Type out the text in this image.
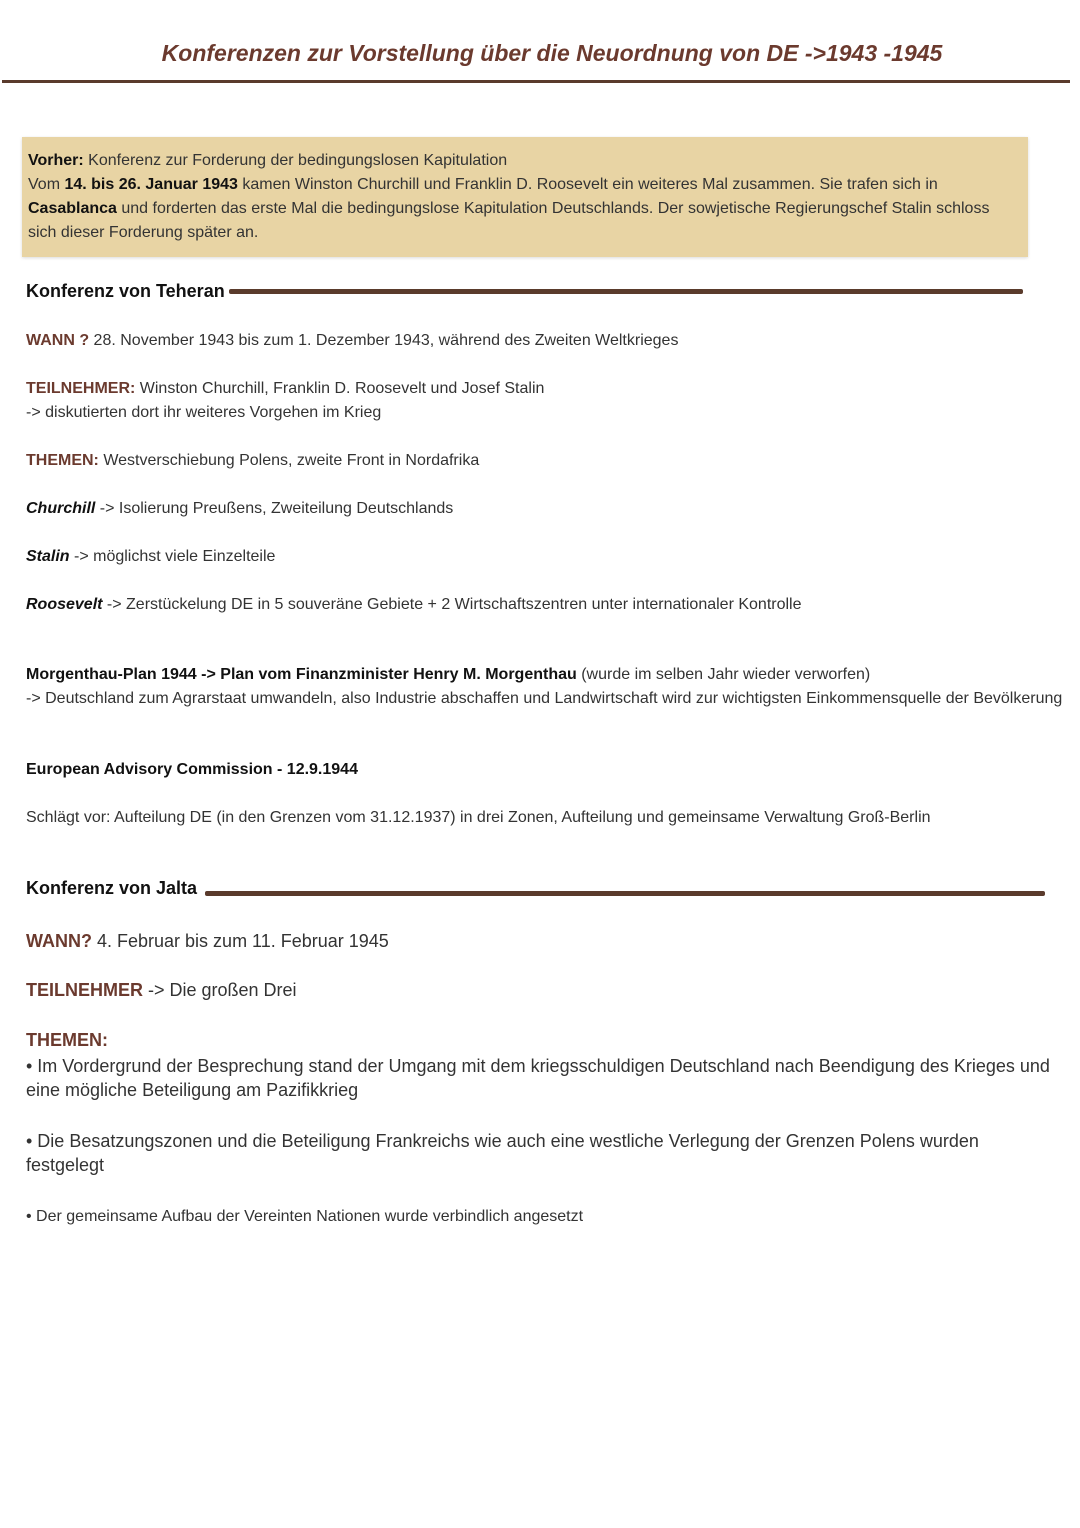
Konferenzen zur Vorstellung über die Neuordnung von DE ->1943 -1945
Vorher: Konferenz zur Forderung der bedingungslosen Kapitulation
Vom 14. bis 26. Januar 1943 kamen Winston Churchill und Franklin D. Roosevelt ein weiteres Mal zusammen. Sie trafen sich in Casablanca und forderten das erste Mal die bedingungslose Kapitulation Deutschlands. Der sowjetische Regierungschef Stalin schloss sich dieser Forderung später an.
Konferenz von Teheran
WANN ? 28. November 1943 bis zum 1. Dezember 1943, während des Zweiten Weltkrieges
TEILNEHMER: Winston Churchill, Franklin D. Roosevelt und Josef Stalin
-> diskutierten dort ihr weiteres Vorgehen im Krieg
THEMEN: Westverschiebung Polens, zweite Front in Nordafrika
Churchill -> Isolierung Preußens, Zweiteilung Deutschlands
Stalin -> möglichst viele Einzelteile
Roosevelt -> Zerstückelung DE in 5 souveräne Gebiete + 2 Wirtschaftszentren unter internationaler Kontrolle
Morgenthau-Plan 1944 -> Plan vom Finanzminister Henry M. Morgenthau (wurde im selben Jahr wieder verworfen)
-> Deutschland zum Agrarstaat umwandeln, also Industrie abschaffen und Landwirtschaft wird zur wichtigsten Einkommensquelle der Bevölkerung
European Advisory Commission - 12.9.1944
Schlägt vor: Aufteilung DE (in den Grenzen vom 31.12.1937) in drei Zonen, Aufteilung und gemeinsame Verwaltung Groß-Berlin
Konferenz von Jalta
WANN? 4. Februar bis zum 11. Februar 1945
TEILNEHMER -> Die großen Drei
THEMEN:
• Im Vordergrund der Besprechung stand der Umgang mit dem kriegsschuldigen Deutschland nach Beendigung des Krieges und eine mögliche Beteiligung am Pazifikkrieg
• Die Besatzungszonen und die Beteiligung Frankreichs wie auch eine westliche Verlegung der Grenzen Polens wurden festgelegt
• Der gemeinsame Aufbau der Vereinten Nationen wurde verbindlich angesetzt
